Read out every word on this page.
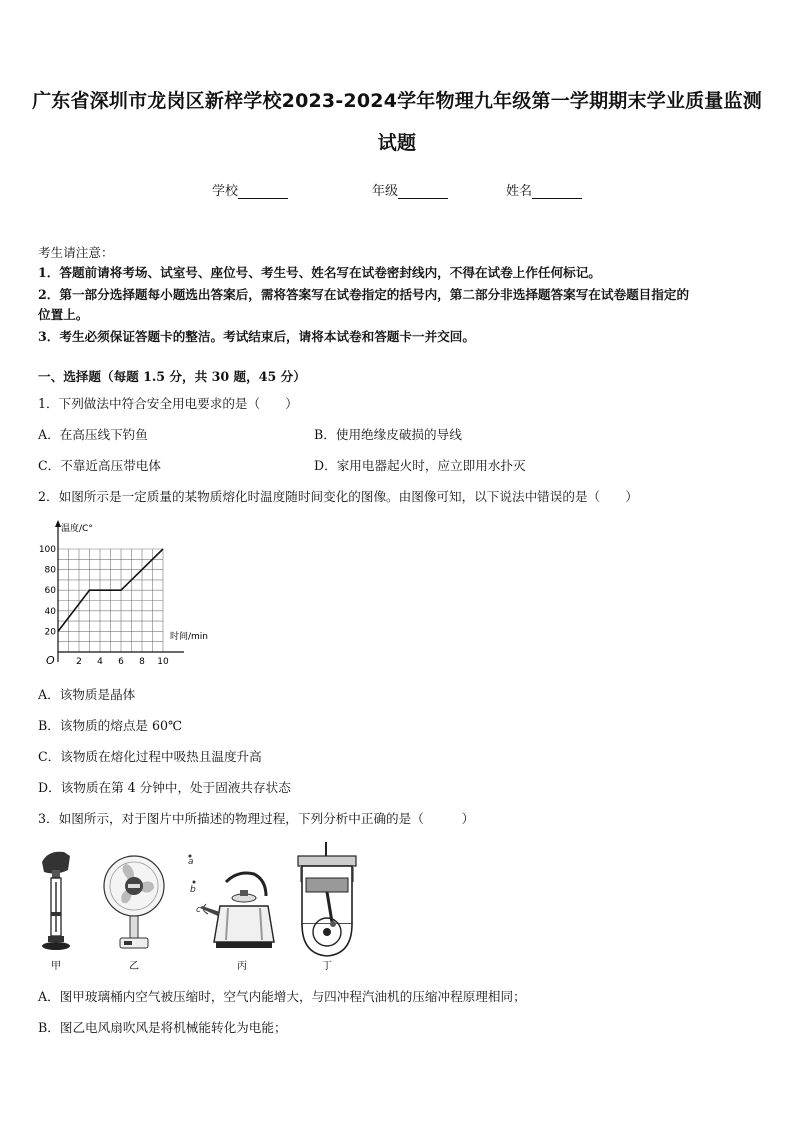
广东省深圳市龙岗区新梓学校2023-2024学年物理九年级第一学期期末学业质量监测
试题
学校	年级	姓名
考生请注意：
1．答题前请将考场、试室号、座位号、考生号、姓名写在试卷密封线内，不得在试卷上作任何标记。
2．第一部分选择题每小题选出答案后，需将答案写在试卷指定的括号内，第二部分非选择题答案写在试卷题目指定的
位置上。
3．考生必须保证答题卡的整洁。考试结束后，请将本试卷和答题卡一并交回。
一、选择题（每题 1.5 分，共 30 题，45 分）
1．下列做法中符合安全用电要求的是（　　）
A．在高压线下钓鱼	B．使用绝缘皮破损的导线
C．不靠近高压带电体	D．家用电器起火时，应立即用水扑灭
2．如图所示是一定质量的某物质熔化时温度随时间变化的图像。由图像可知，以下说法中错误的是（　　）
温度/C°
时间/min
O 2 4 6 8 10
20
40
60
80
100
A．该物质是晶体
B．该物质的熔点是 60℃
C．该物质在熔化过程中吸热且温度升高
D．该物质在第 4 分钟中，处于固液共存状态
3．如图所示，对于图片中所描述的物理过程，下列分析中正确的是（　　　）
甲	乙
a
b
c
丙	丁
A．图甲玻璃桶内空气被压缩时，空气内能增大，与四冲程汽油机的压缩冲程原理相同；
B．图乙电风扇吹风是将机械能转化为电能；
